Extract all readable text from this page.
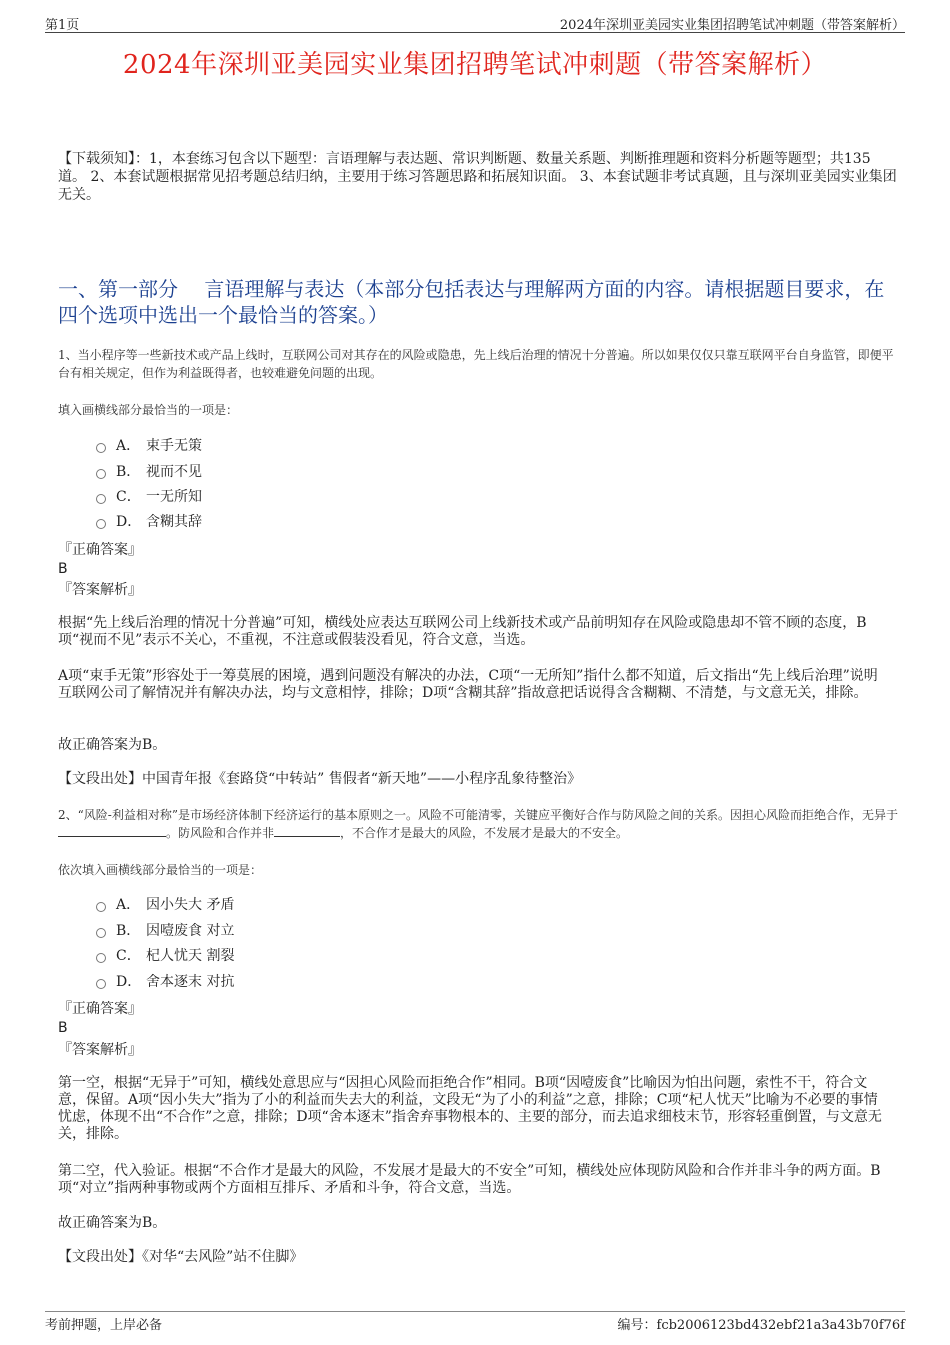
第1页	2024年深圳亚美园实业集团招聘笔试冲刺题（带答案解析）
2024年深圳亚美园实业集团招聘笔试冲刺题（带答案解析）
【下载须知】：1，本套练习包含以下题型：言语理解与表达题、常识判断题、数量关系题、判断推理题和资料分析题等题型；共135道。 2、本套试题根据常见招考题总结归纳，主要用于练习答题思路和拓展知识面。 3、本套试题非考试真题，且与深圳亚美园实业集团无关。
一、第一部分　 言语理解与表达（本部分包括表达与理解两方面的内容。请根据题目要求，在四个选项中选出一个最恰当的答案。）
1、当小程序等一些新技术或产品上线时，互联网公司对其存在的风险或隐患，先上线后治理的情况十分普遍。所以如果仅仅只靠互联网平台自身监管，即便平台有相关规定，但作为利益既得者，也较难避免问题的出现。
填入画横线部分最恰当的一项是：
A． 束手无策
B． 视而不见
C． 一无所知
D． 含糊其辞
『正确答案』
B
『答案解析』
根据“先上线后治理的情况十分普遍”可知，横线处应表达互联网公司上线新技术或产品前明知存在风险或隐患却不管不顾的态度，B项“视而不见”表示不关心，不重视，不注意或假装没看见，符合文意，当选。
A项“束手无策”形容处于一筹莫展的困境，遇到问题没有解决的办法，C项“一无所知”指什么都不知道，后文指出“先上线后治理”说明互联网公司了解情况并有解决办法，均与文意相悖，排除；D项“含糊其辞”指故意把话说得含含糊糊、不清楚，与文意无关，排除。
故正确答案为B。
【文段出处】中国青年报《套路贷“中转站” 售假者“新天地”——小程序乱象待整治》
2、“风险-利益相对称”是市场经济体制下经济运行的基本原则之一。风险不可能清零，关键应平衡好合作与防风险之间的关系。因担心风险而拒绝合作，无异于。防风险和合作并非	，不合作才是最大的风险，不发展才是最大的不安全。
依次填入画横线部分最恰当的一项是：
A． 因小失大 矛盾
B． 因噎废食 对立
C． 杞人忧天 割裂
D． 舍本逐末 对抗
『正确答案』
B
『答案解析』
第一空，根据“无异于”可知，横线处意思应与“因担心风险而拒绝合作”相同。B项“因噎废食”比喻因为怕出问题，索性不干，符合文意，保留。A项“因小失大”指为了小的利益而失去大的利益，文段无“为了小的利益”之意，排除；C项“杞人忧天”比喻为不必要的事情忧虑，体现不出“不合作”之意，排除；D项“舍本逐末”指舍弃事物根本的、主要的部分，而去追求细枝末节，形容轻重倒置，与文意无关，排除。
第二空，代入验证。根据“不合作才是最大的风险，不发展才是最大的不安全”可知，横线处应体现防风险和合作并非斗争的两方面。B项“对立”指两种事物或两个方面相互排斥、矛盾和斗争，符合文意，当选。
故正确答案为B。
【文段出处】《对华“去风险”站不住脚》
考前押题，上岸必备	编号：fcb2006123bd432ebf21a3a43b70f76f
